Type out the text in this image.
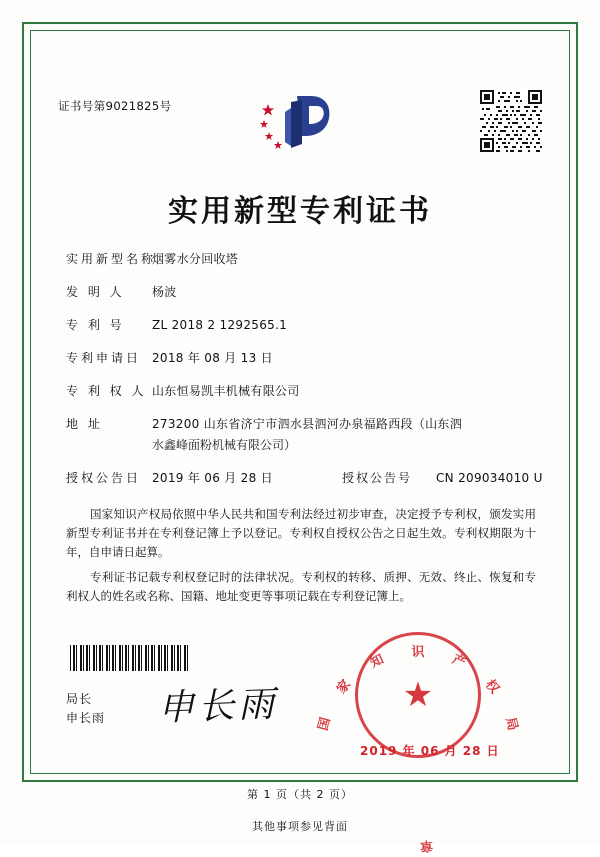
证书号第9021825号
实用新型专利证书
实用新型名称
烟雾水分回收塔
发 明 人	杨波
专 利 号	ZL 2018 2 1292565.1
专利申请日 2018 年 08 月 13 日
专 利 权 人 山东恒易凯丰机械有限公司
地 址	273200 山东省济宁市泗水县泗河办泉福路西段（山东泗
水鑫峰面粉机械有限公司）
授权公告日 2019 年 06 月 28 日	授权公告号	CN 209034010 U
国家知识产权局依照中华人民共和国专利法经过初步审查，决定授予专利权，颁发实用新型专利证书并在专利登记簿上予以登记。专利权自授权公告之日起生效。专利权期限为十年，自申请日起算。
专利证书记载专利权登记时的法律状况。专利权的转移、质押、无效、终止、恢复和专利权人的姓名或名称、国籍、地址变更等事项记载在专利登记簿上。
局长
申长雨 申长雨	国
家
知 识 产
权
局
章
★
2019 年 06 月 28 日
第 1 页（共 2 页）
其他事项参见背面
